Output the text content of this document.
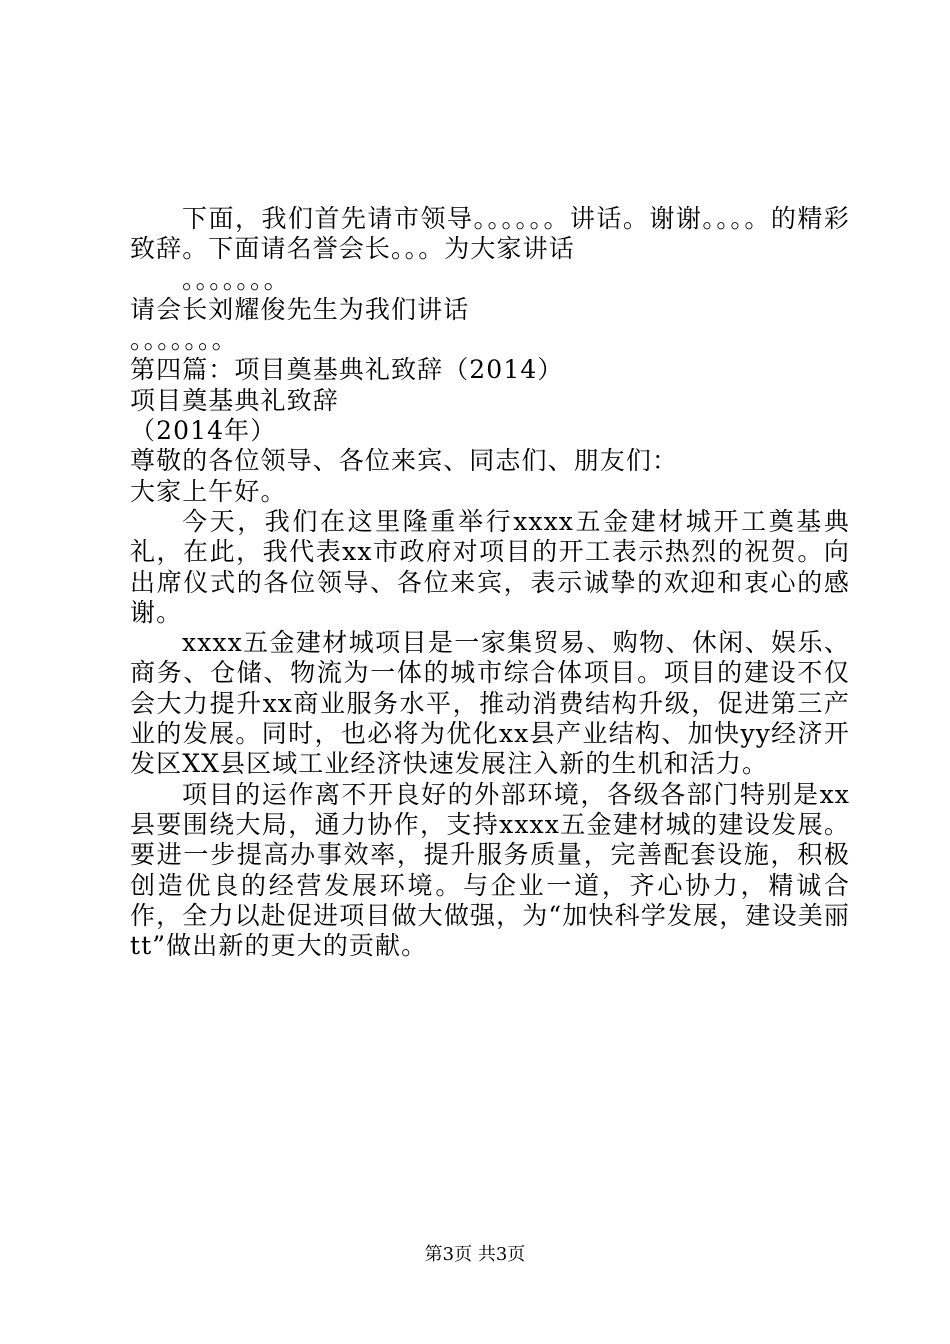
下面，我们首先请市领导。。。。。。讲话。谢谢。。。。的精彩致辞。下面请名誉会长。。。为大家讲话

。。。。。。。

请会长刘耀俊先生为我们讲话

。。。。。。。

第四篇：项目奠基典礼致辞（2014）

项目奠基典礼致辞

（2014年）

尊敬的各位领导、各位来宾、同志们、朋友们：

大家上午好。

今天，我们在这里隆重举行xxxx五金建材城开工奠基典礼，在此，我代表xx市政府对项目的开工表示热烈的祝贺。向出席仪式的各位领导、各位来宾，表示诚挚的欢迎和衷心的感谢。

xxxx五金建材城项目是一家集贸易、购物、休闲、娱乐、商务、仓储、物流为一体的城市综合体项目。项目的建设不仅会大力提升xx商业服务水平，推动消费结构升级，促进第三产业的发展。同时，也必将为优化xx县产业结构、加快yy经济开发区XX县区域工业经济快速发展注入新的生机和活力。

项目的运作离不开良好的外部环境，各级各部门特别是xx县要围绕大局，通力协作，支持xxxx五金建材城的建设发展。要进一步提高办事效率，提升服务质量，完善配套设施，积极创造优良的经营发展环境。与企业一道，齐心协力，精诚合作，全力以赴促进项目做大做强，为“加快科学发展，建设美丽tt”做出新的更大的贡献。

第3页 共3页
